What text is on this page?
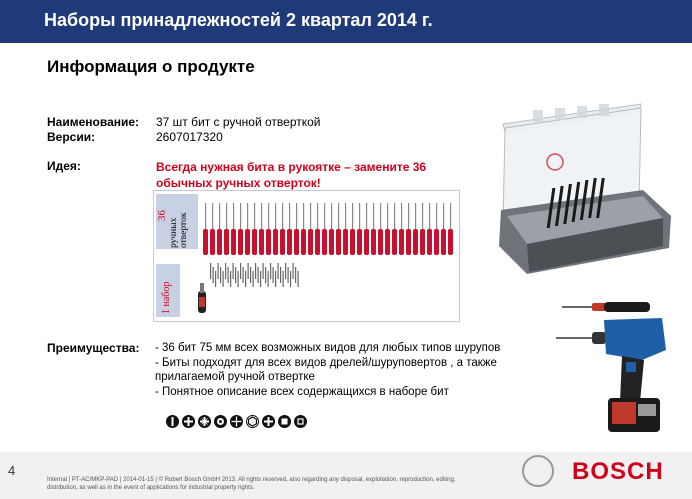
Наборы принадлежностей 2 квартал 2014 г.
Информация о продукте
Наименование: 37 шт бит с ручной отверткой
Версии:	2607017320
Идея:	Всегда нужная бита в рукоятке – замените 36 обычных ручных отверток!
36
ручных отверток
1 набор
Преимущества: - 36 бит 75 мм всех возможных видов для любых типов шурупов
- Биты подходят для всех видов дрелей/шуруповертов , а также прилагаемой ручной отвертке
- Понятное описание всех содержащихся в наборе бит
4
Internal | PT-AC/MKP-PAD | 2014-01-15 | © Robert Bosch GmbH 2013. All rights reserved, also regarding any disposal, exploitation, reproduction, editing, distribution, as well as in the event of applications for industrial property rights.
BOSCH
